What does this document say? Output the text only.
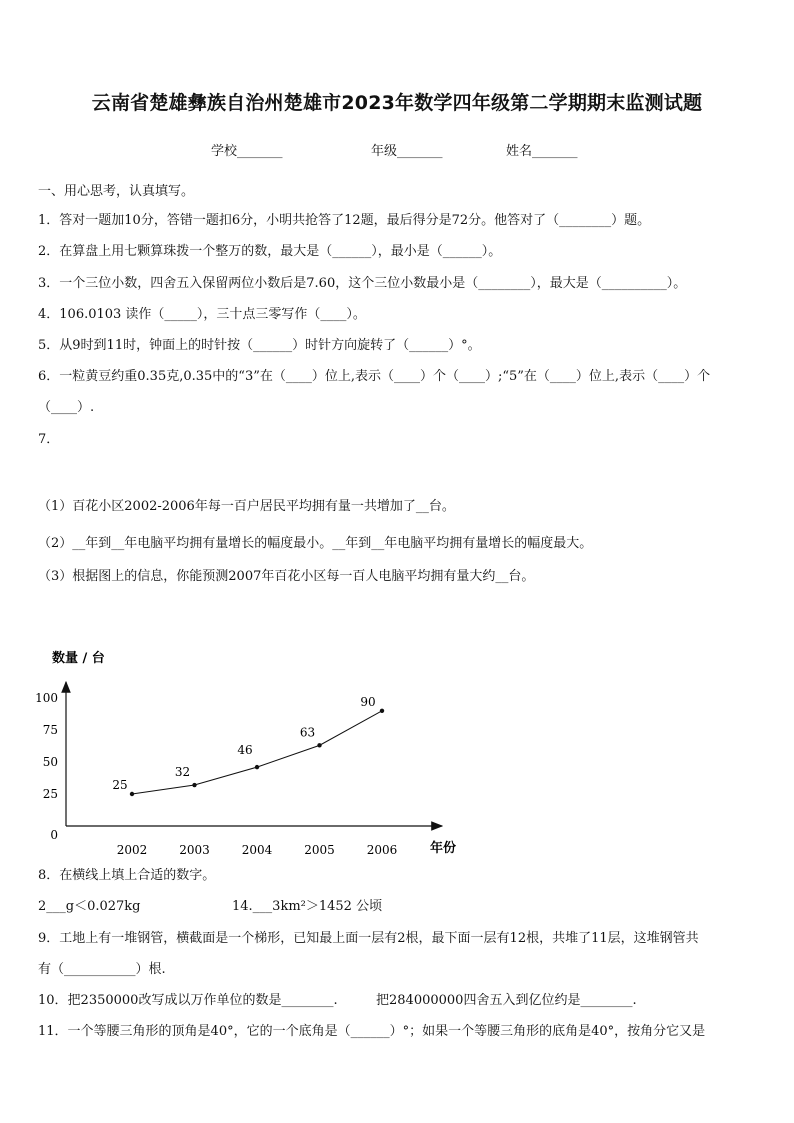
云南省楚雄彝族自治州楚雄市2023年数学四年级第二学期期末监测试题
学校_______	年级_______	姓名_______
一、用心思考，认真填写。
1．答对一题加10分，答错一题扣6分，小明共抢答了12题，最后得分是72分。他答对了（________）题。
2．在算盘上用七颗算珠拨一个整万的数，最大是（______），最小是（______）。
3．一个三位小数，四舍五入保留两位小数后是7.60，这个三位小数最小是（________），最大是（__________）。
4．106.0103 读作（_____），三十点三零写作（____）。
5．从9时到11时，钟面上的时针按（______）时针方向旋转了（______）°。
6．一粒黄豆约重0.35克,0.35中的“3”在（____）位上,表示（____）个（____）;“5”在（____）位上,表示（____）个
（____）.
7．
（1）百花小区2002-2006年每一百户居民平均拥有量一共增加了__台。
（2）__年到__年电脑平均拥有量增长的幅度最小。__年到__年电脑平均拥有量增长的幅度最大。
（3）根据图上的信息，你能预测2007年百花小区每一百人电脑平均拥有量大约__台。
数量 / 台
年份
0
25
50
75
100
2002	2003	2004	2005	2006
25
32
46
63
90
8．在横线上填上合适的数字。
2___g＜0.027kg	14.___3km²＞1452 公顷
9．工地上有一堆钢管，横截面是一个梯形，已知最上面一层有2根，最下面一层有12根，共堆了11层，这堆钢管共
有（___________）根.
10．把2350000改写成以万作单位的数是________.	把284000000四舍五入到亿位约是________.
11．一个等腰三角形的顶角是40°，它的一个底角是（______）°；如果一个等腰三角形的底角是40°，按角分它又是
